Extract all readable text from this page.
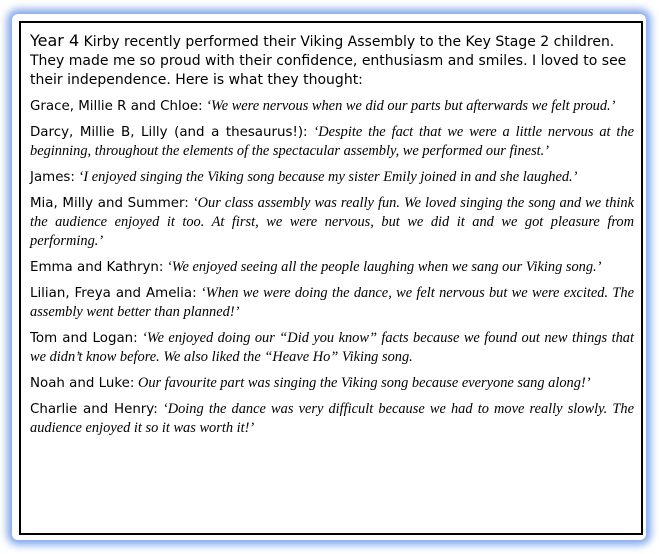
Year 4 Kirby recently performed their Viking Assembly to the Key Stage 2 children. They made me so proud with their confidence, enthusiasm and smiles. I loved to see their independence. Here is what they thought:

Grace, Millie R and Chloe: ‘We were nervous when we did our parts but afterwards we felt proud.’

Darcy, Millie B, Lilly (and a thesaurus!): ‘Despite the fact that we were a little nervous at the beginning, throughout the elements of the spectacular assembly, we performed our finest.’

James: ‘I enjoyed singing the Viking song because my sister Emily joined in and she laughed.’

Mia, Milly and Summer: ‘Our class assembly was really fun. We loved singing the song and we think the audience enjoyed it too. At first, we were nervous, but we did it and we got pleasure from performing.’

Emma and Kathryn: ‘We enjoyed seeing all the people laughing when we sang our Viking song.’

Lilian, Freya and Amelia: ‘When we were doing the dance, we felt nervous but we were excited. The assembly went better than planned!’

Tom and Logan: ‘We enjoyed doing our “Did you know” facts because we found out new things that we didn’t know before. We also liked the “Heave Ho” Viking song.

Noah and Luke: Our favourite part was singing the Viking song because everyone sang along!’

Charlie and Henry: ‘Doing the dance was very difficult because we had to move really slowly. The audience enjoyed it so it was worth it!’
